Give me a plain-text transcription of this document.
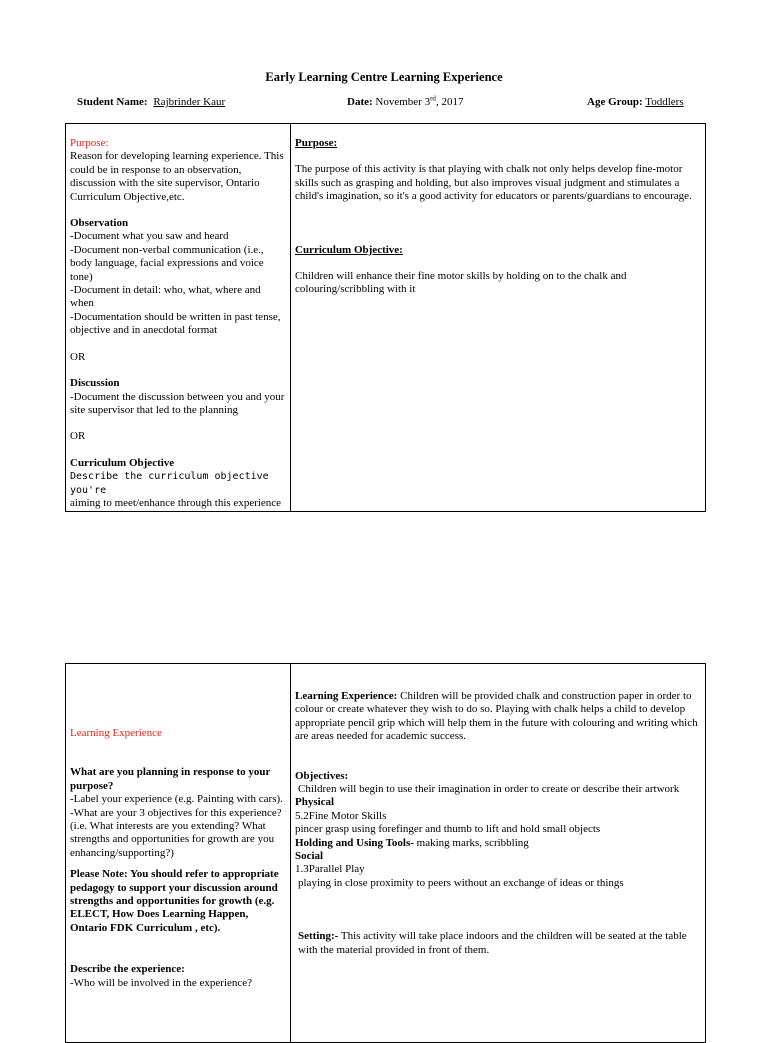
Early Learning Centre Learning Experience
Student Name: Rajbrinder Kaur	Date: November 3rd, 2017	Age Group: Toddlers
Purpose:
Reason for developing learning experience. This could be in response to an observation, discussion with the site supervisor, Ontario Curriculum Objective,etc.
Observation
-Document what you saw and heard
-Document non-verbal communication (i.e., body language, facial expressions and voice tone)
-Document in detail: who, what, where and when
-Documentation should be written in past tense, objective and in anecdotal format
OR
Discussion
-Document the discussion between you and your site supervisor that led to the planning
OR
Curriculum Objective
Describe the curriculum objective you're
aiming to meet/enhance through this experience

Purpose:
The purpose of this activity is that playing with chalk not only helps develop fine-motor skills such as grasping and holding, but also improves visual judgment and stimulates a child's imagination, so it's a good activity for educators or parents/guardians to encourage.
Curriculum Objective:
Children will enhance their fine motor skills by holding on to the chalk and colouring/scribbling with it
Learning Experience
What are you planning in response to your purpose?
-Label your experience (e.g. Painting with cars).
-What are your 3 objectives for this experience? (i.e. What interests are you extending? What strengths and opportunities for growth are you enhancing/supporting?)
Please Note: You should refer to appropriate pedagogy to support your discussion around strengths and opportunities for growth (e.g. ELECT, How Does Learning Happen, Ontario FDK Curriculum , etc).
Describe the experience:
-Who will be involved in the experience?

Learning Experience: Children will be provided chalk and construction paper in order to colour or create whatever they wish to do so. Playing with chalk helps a child to develop appropriate pencil grip which will help them in the future with colouring and writing which are areas needed for academic success.
Objectives:
Children will begin to use their imagination in order to create or describe their artwork
Physical
5.2Fine Motor Skills
pincer grasp using forefinger and thumb to lift and hold small objects
Holding and Using Tools- making marks, scribbling
Social
1.3Parallel Play
playing in close proximity to peers without an exchange of ideas or things
Setting:- This activity will take place indoors and the children will be seated at the table with the material provided in front of them.
